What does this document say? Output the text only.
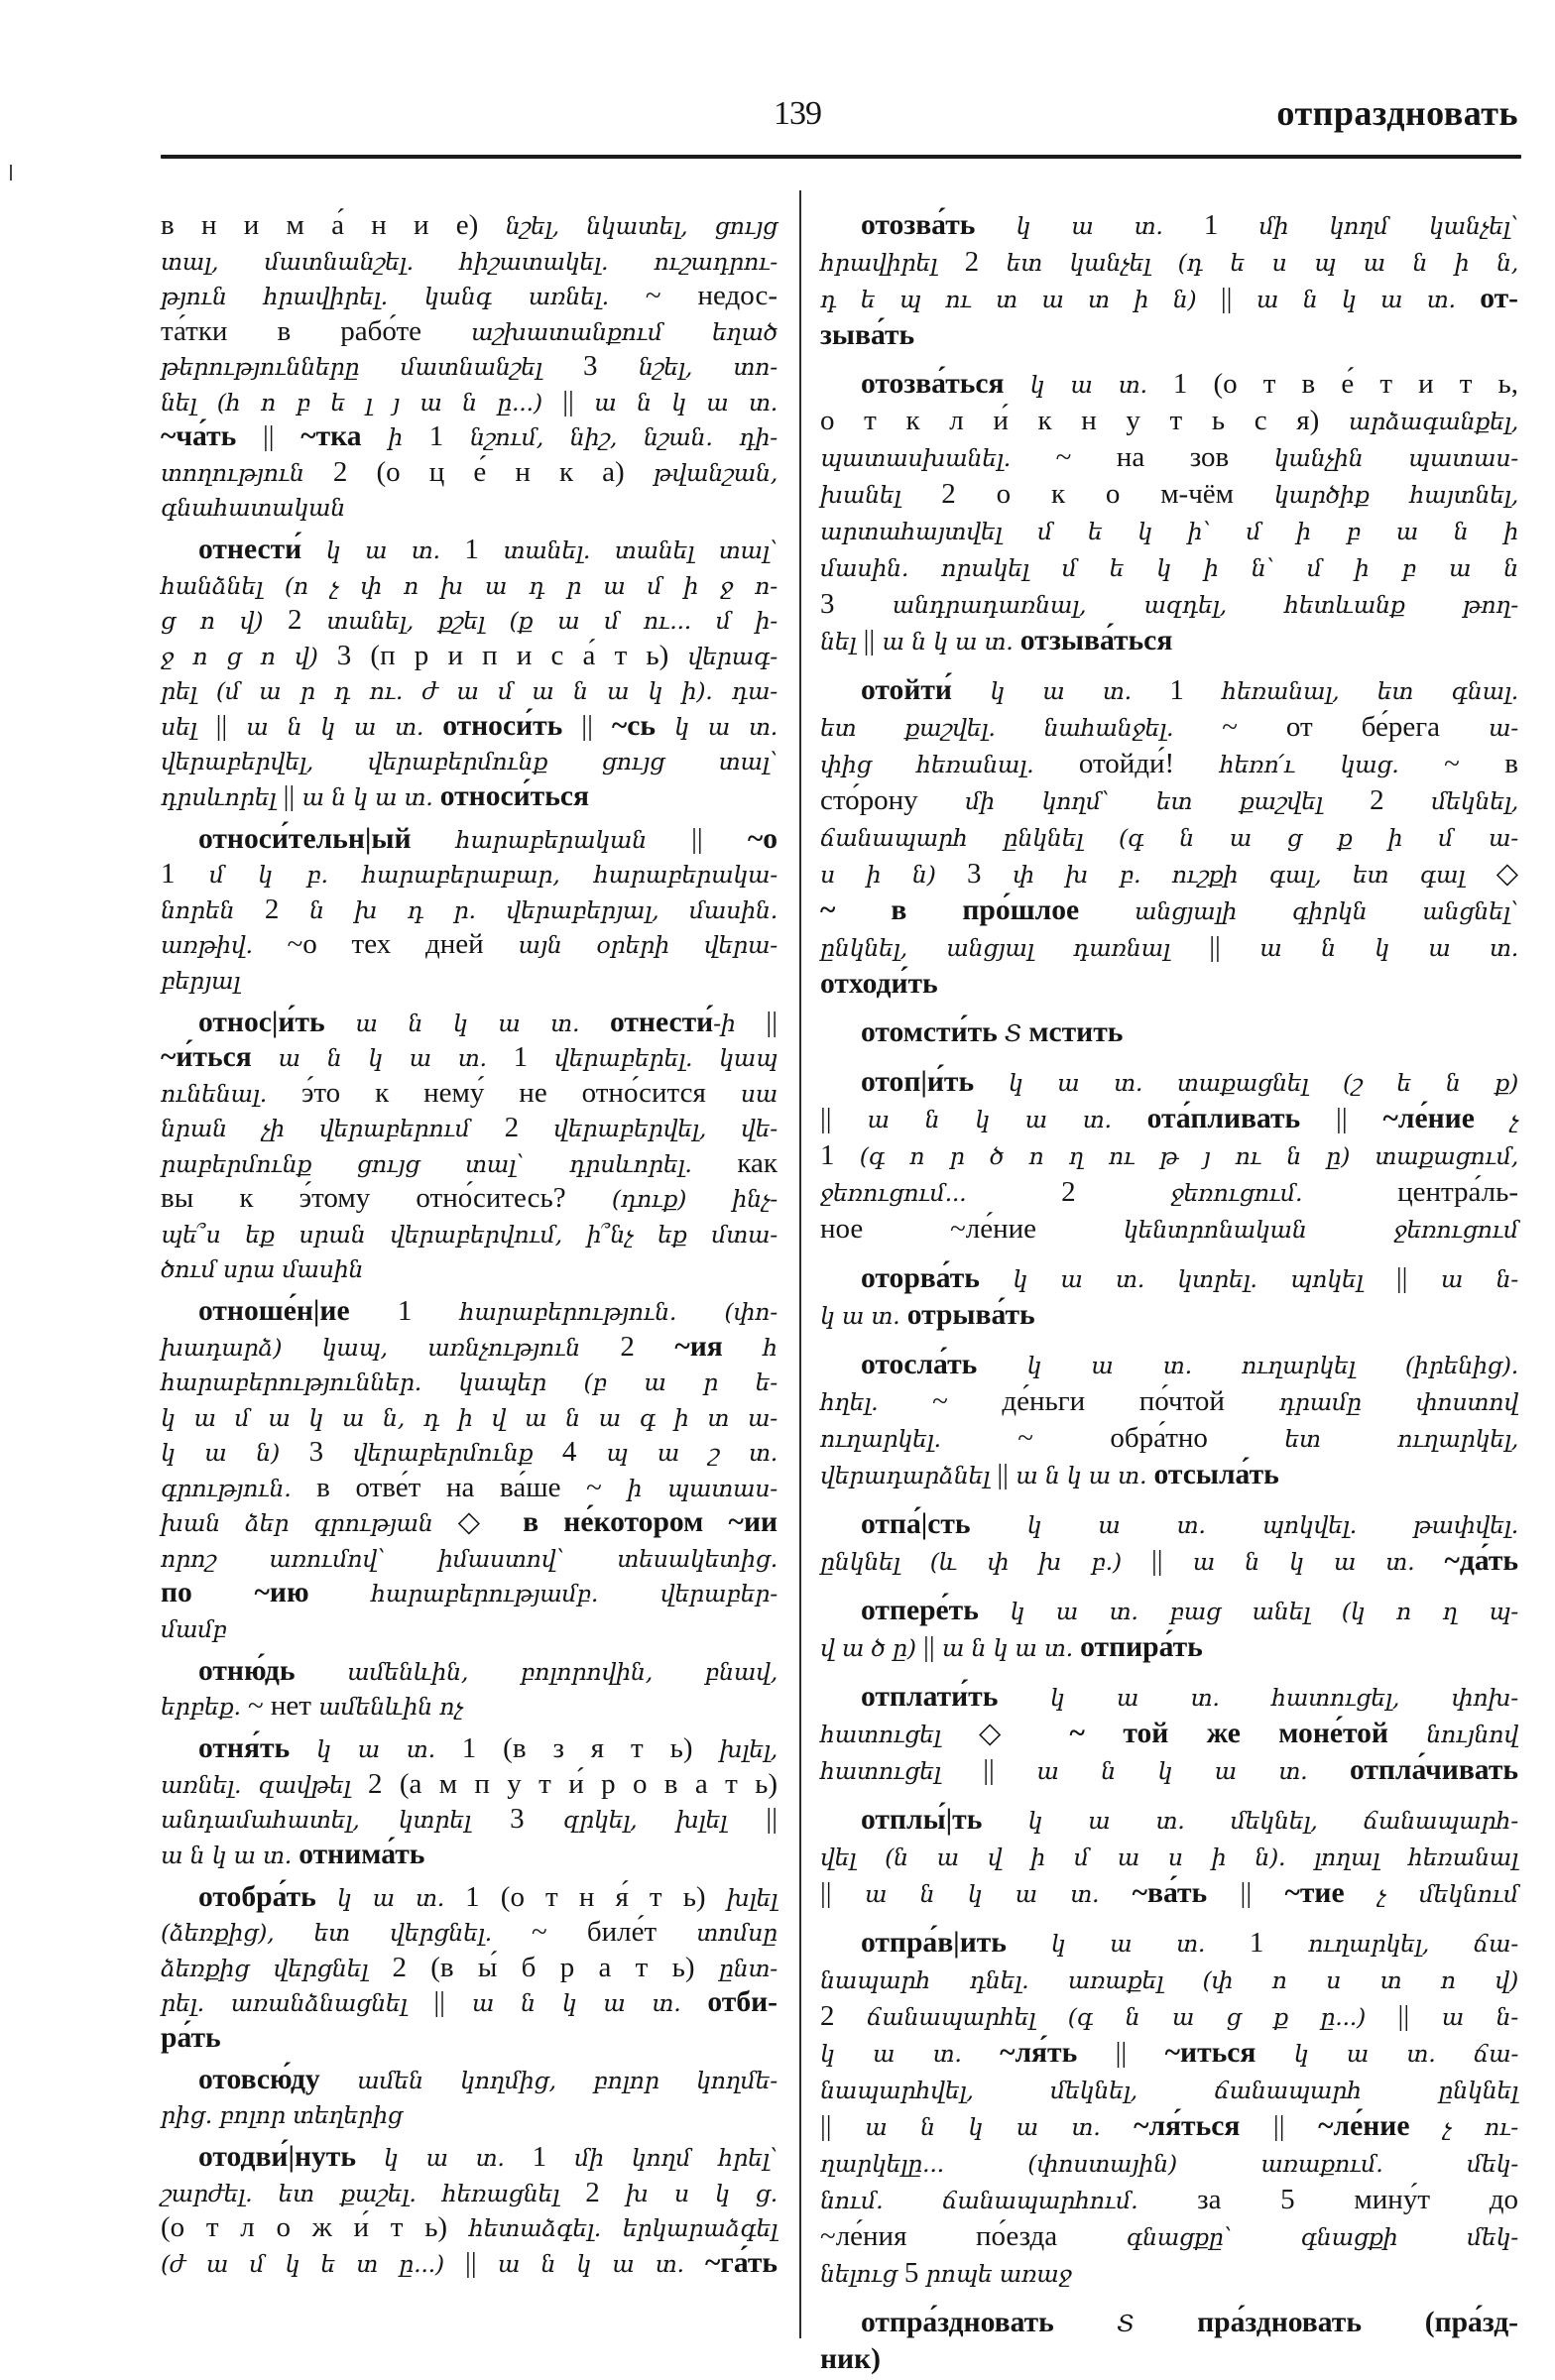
139	отпраздновать
в н и м а́ н и е) նշել, նկատել, ցույց
տալ, մատնանշել. հիշատակել. ուշադրու-
թյուն հրավիրել. կանգ առնել. ~ недос-
та́тки в рабо́те աշխատանքում եղած
թերությունները մատնանշել 3 նշել, տո-
նել (հ ո բ ե լ յ ա ն ը...) || ա ն կ ա տ.
~ча́ть || ~тка ի 1 նշում, նիշ, նշան. դի-
տողություն 2 (о ц е́ н к а) թվանշան,
գնահատական
отнести́ կ ա տ. 1 տանել. տանել տալ՝
հանձնել (ո չ փ ո խ ա դ ր ա մ ի ջ ո-
ց ո վ) 2 տանել, քշել (ք ա մ ու... մ ի-
ջ ո ց ո վ) 3 (п р и п и с а́ т ь) վերագ-
րել (մ ա ր դ ու. ժ ա մ ա ն ա կ ի). դա-
սել || ա ն կ ա տ. относи́ть || ~сь կ ա տ.
վերաբերվել, վերաբերմունք ցույց տալ՝
դրսևորել || ա ն կ ա տ. относи́ться
относи́тельн|ый հարաբերական || ~о
1 մ կ բ. հարաբերաբար, հարաբերակա-
նորեն 2 ն խ դ ր. վերաբերյալ, մասին.
առթիվ. ~о тех дней այն օրերի վերա-
բերյալ
относ|и́ть ա ն կ ա տ. отнести́-ի ||
~и́ться ա ն կ ա տ. 1 վերաբերել. կապ
ունենալ. э́то к нему́ не отно́сится սա
նրան չի վերաբերում 2 վերաբերվել, վե-
րաբերմունք ցույց տալ՝ դրսևորել. как
вы к э́тому отно́ситесь? (դուք) ինչ-
պե՞ս եք սրան վերաբերվում, ի՞նչ եք մտա-
ծում սրա մասին
отноше́н|ие 1 հարաբերություն. (փո-
խադարձ) կապ, առնչություն 2 ~ия հ
հարաբերություններ. կապեր (բ ա ր ե-
կ ա մ ա կ ա ն, դ ի վ ա ն ա գ ի տ ա-
կ ա ն) 3 վերաբերմունք 4 պ ա շ տ.
գրություն. в отве́т на ва́ше ~ ի պատաս-
խան ձեր գրության ◇ в не́котором ~ии
որոշ առումով՝ իմաստով՝ տեսակետից.
по ~ию	հարաբերությամբ. վերաբեր-
մամբ
отню́дь ամենևին, բոլորովին, բնավ,
երբեք. ~ нет ամենևին ոչ
отня́ть կ ա տ. 1 (в з я т ь) խլել,
առնել. զավթել 2 (а м п у т и́ р о в а т ь)
անդամահատել, կտրել 3 զրկել, խլել ||
ա ն կ ա տ. отнима́ть
отобра́ть կ ա տ. 1 (о т н я́ т ь) խլել
(ձեռքից), ետ վերցնել. ~ биле́т տոմսը
ձեռքից վերցնել 2 (в ы́ б р а т ь) ընտ-
րել. առանձնացնել || ա ն կ ա տ. отби-
ра́ть
отовсю́ду ամեն կողմից, բոլոր կողմե-
րից. բոլոր տեղերից
отодви́|нуть կ ա տ. 1 մի կողմ հրել՝
շարժել. ետ քաշել. հեռացնել 2 խ ս կ ց.
(о т л о ж и́ т ь) հետաձգել. երկարաձգել
(ժ ա մ կ ե տ ը...) || ա ն կ ա տ. ~га́ть
отозва́ть կ ա տ. 1 մի կողմ կանչել՝
հրավիրել 2 ետ կանչել (դ ե ս պ ա ն ի ն,
դ ե պ ու տ ա տ ի ն) || ա ն կ ա տ. от-
зыва́ть
отозва́ться կ ա տ. 1 (о т в е́ т и т ь,
о т к л и́ к н у т ь с я) արձագանքել,
պատասխանել. ~ на зов կանչին պատաս-
խանել 2 о к о м-чём կարծիք հայտնել,
արտահայտվել մ ե կ ի՝ մ ի բ ա ն ի
մասին. որակել մ ե կ ի ն՝ մ ի բ ա ն
3 անդրադառնալ, ազդել, հետևանք թող-
նել || ա ն կ ա տ. отзыва́ться
отойти́ կ ա տ. 1 հեռանալ, ետ գնալ.
ետ քաշվել. նահանջել. ~ от бе́рега ա-
փից հեռանալ. отойди́! հեռո՛ւ կաց. ~ в
сто́рону մի կողմ՝ ետ քաշվել 2 մեկնել,
ճանապարհ ընկնել (գ ն ա ց ք ի մ ա-
ս ի ն) 3 փ խ բ. ուշքի գալ, ետ գալ ◇
~ в про́шлое անցյալի գիրկն անցնել՝
ընկնել, անցյալ դառնալ || ա ն կ ա տ.
отходи́ть
отомсти́ть Տ мстить
отоп|и́ть կ ա տ. տաքացնել (շ ե ն ք)
|| ա ն կ ա տ. ота́пливать || ~ле́ние չ
1 (գ ո ր ծ ո ղ ու թ յ ու ն ը) տաքացում,
ջեռուցում...	2	ջեռուցում.	центра́ль-
ное ~ле́ние	կենտրոնական ջեռուցում
оторва́ть կ ա տ. կտրել. պոկել || ա ն-
կ ա տ. отрыва́ть
отосла́ть կ ա տ. ուղարկել (իրենից).
հղել. ~ де́ньги по́чтой դրամը փոստով
ուղարկել.	~ обра́тно	ետ ուղարկել,
վերադարձնել || ա ն կ ա տ. отсыла́ть
отпа́|сть կ ա տ. պոկվել. թափվել.
ընկնել (և փ խ բ.) || ա ն կ ա տ. ~да́ть
отпере́ть կ ա տ. բաց անել (կ ո ղ պ-
վ ա ծ ը) || ա ն կ ա տ. отпира́ть
отплати́ть կ ա տ. հատուցել, փոխ-
հատուցել ◇ ~ той же моне́той նույնով
հատուցել || ա ն կ ա տ. отпла́чивать
отплы́|ть կ ա տ. մեկնել, ճանապարհ-
վել (ն ա վ ի մ ա ս ի ն). լողալ հեռանալ
|| ա ն կ ա տ. ~ва́ть || ~тие չ մեկնում
отпра́в|ить կ ա տ. 1 ուղարկել, ճա-
նապարհ դնել. առաքել (փ ո ս տ ո վ)
2 ճանապարհել (գ ն ա ց ք ը...) || ա ն-
կ ա տ. ~ля́ть || ~иться կ ա տ. ճա-
նապարհվել, մեկնել, ճանապարհ ընկնել
|| ա ն կ ա տ. ~ля́ться || ~ле́ние չ ու-
ղարկելը... (փոստային) առաքում. մեկ-
նում. ճանապարհում. за 5 мину́т до
~ле́ния по́езда	գնացքը՝ գնացքի մեկ-
նելուց 5 րոպե առաջ
отпра́здновать	Տ пра́здновать (пра́зд-
ник)
